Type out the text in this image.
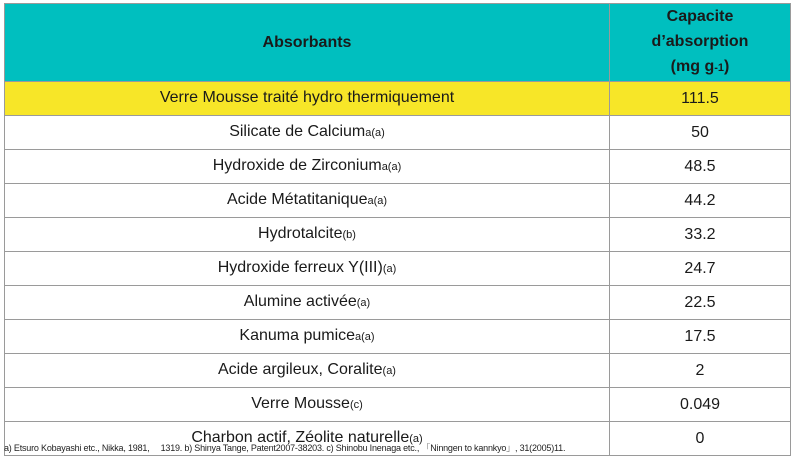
Absorbants	Capacite
d’absorption
(mg g-1)

Verre Mousse traité hydro thermiquement	111.5
Silicate de Calciuma(a)	50
Hydroxide de Zirconiuma(a)	48.5
Acide Métatitaniquea(a)	44.2
Hydrotalcite(b)	33.2
Hydroxide ferreux Y(III)(a)	24.7
Alumine activée(a)	22.5
Kanuma pumicea(a)	17.5
Acide argileux, Coralite(a)	2
Verre Mousse(c)	0.049
Charbon actif, Zéolite naturelle(a)	0
a) Etsuro Kobayashi etc., Nikka, 1981,　 1319. b) Shinya Tange, Patent2007-38203. c) Shinobu Inenaga etc., 「Ninngen to kannkyo」, 31(2005)11.
